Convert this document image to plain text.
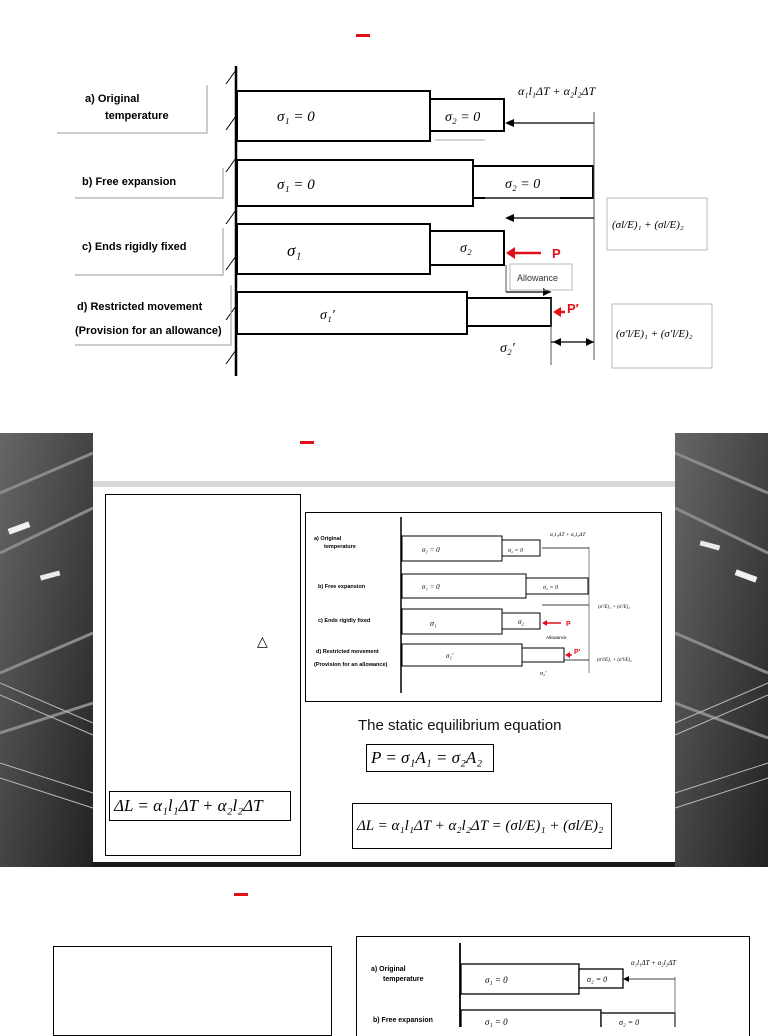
a) Original
temperature
b) Free expansion
c) Ends rigidly fixed
d) Restricted movement
(Provision for an allowance)
σ₁ = 0	σ₂ = 0
σ₁ = 0	σ₂ = 0
σ₁	σ₂	P
σ₁′
σ₂′
P′
α₁l₁ΔT + α₂l₂ΔT
(σl/E)₁ + (σl/E)₂
Allowance
(σ′l/E)₁ + (σ′l/E)₂
△
ΔL = α₁l₁ΔT + α₂l₂ΔT
a) Original
temperature
b) Free expansion
c) Ends rigidly fixed
d) Restricted movement
(Provision for an allowance)
σ₁ = 0	σ₂ = 0
σ₁ = 0	σ₂ = 0
σ₁	σ₂	P
Allowance
σ₁′
σ₂′
P′
α₁l₁ΔT + α₂l₂ΔT
(σ′/E)₁ + (σ′/E)₂
(σ′l/E)₁ + (σ′l/E)₂
The static equilibrium equation
P = σ₁A₁ = σ₂A₂
ΔL = α₁l₁ΔT + α₂l₂ΔT = (σl/E)₁ + (σl/E)₂
a) Original
temperature
b) Free expansion
σ₁ = 0	σ₂ = 0
σ₁ = 0	σ₂ = 0
α₁l₁ΔT + α₂l₂ΔT
